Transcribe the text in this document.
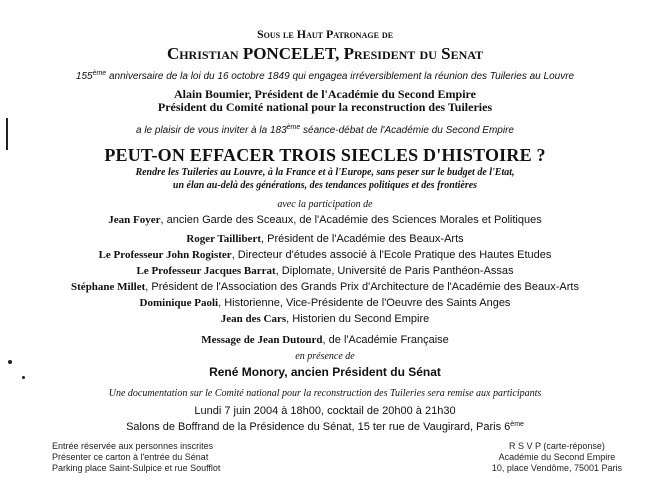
Sous le Haut Patronage de
Christian PONCELET, President du Senat
155ème anniversaire de la loi du 16 octobre 1849 qui engagea irréversiblement la réunion des Tuileries au Louvre
Alain Boumier, Président de l'Académie du Second Empire
Président du Comité national pour la reconstruction des Tuileries
a le plaisir de vous inviter à la 183ème séance-débat de l'Académie du Second Empire
PEUT-ON EFFACER TROIS SIECLES D'HISTOIRE ?
Rendre les Tuileries au Louvre, à la France et à l'Europe, sans peser sur le budget de l'Etat,
un élan au-delà des générations, des tendances politiques et des frontières
avec la participation de
Jean Foyer, ancien Garde des Sceaux, de l'Académie des Sciences Morales et Politiques
Roger Taillibert, Président de l'Académie des Beaux-Arts
Le Professeur John Rogister, Directeur d'études associé à l'Ecole Pratique des Hautes Etudes
Le Professeur Jacques Barrat, Diplomate, Université de Paris Panthéon-Assas
Stéphane Millet, Président de l'Association des Grands Prix d'Architecture de l'Académie des Beaux-Arts
Dominique Paoli, Historienne, Vice-Présidente de l'Oeuvre des Saints Anges
Jean des Cars, Historien du Second Empire
Message de Jean Dutourd, de l'Académie Française
en présence de
René Monory, ancien Président du Sénat
Une documentation sur le Comité national pour la reconstruction des Tuileries sera remise aux participants
Lundi 7 juin 2004 à 18h00, cocktail de 20h00 à 21h30
Salons de Boffrand de la Présidence du Sénat, 15 ter rue de Vaugirard, Paris 6ème
Entrée réservée aux personnes inscrites
Présenter ce carton à l'entrée du Sénat
Parking place Saint-Sulpice et rue Soufflot
R S V P (carte-réponse)
Académie du Second Empire
10, place Vendôme, 75001 Paris
